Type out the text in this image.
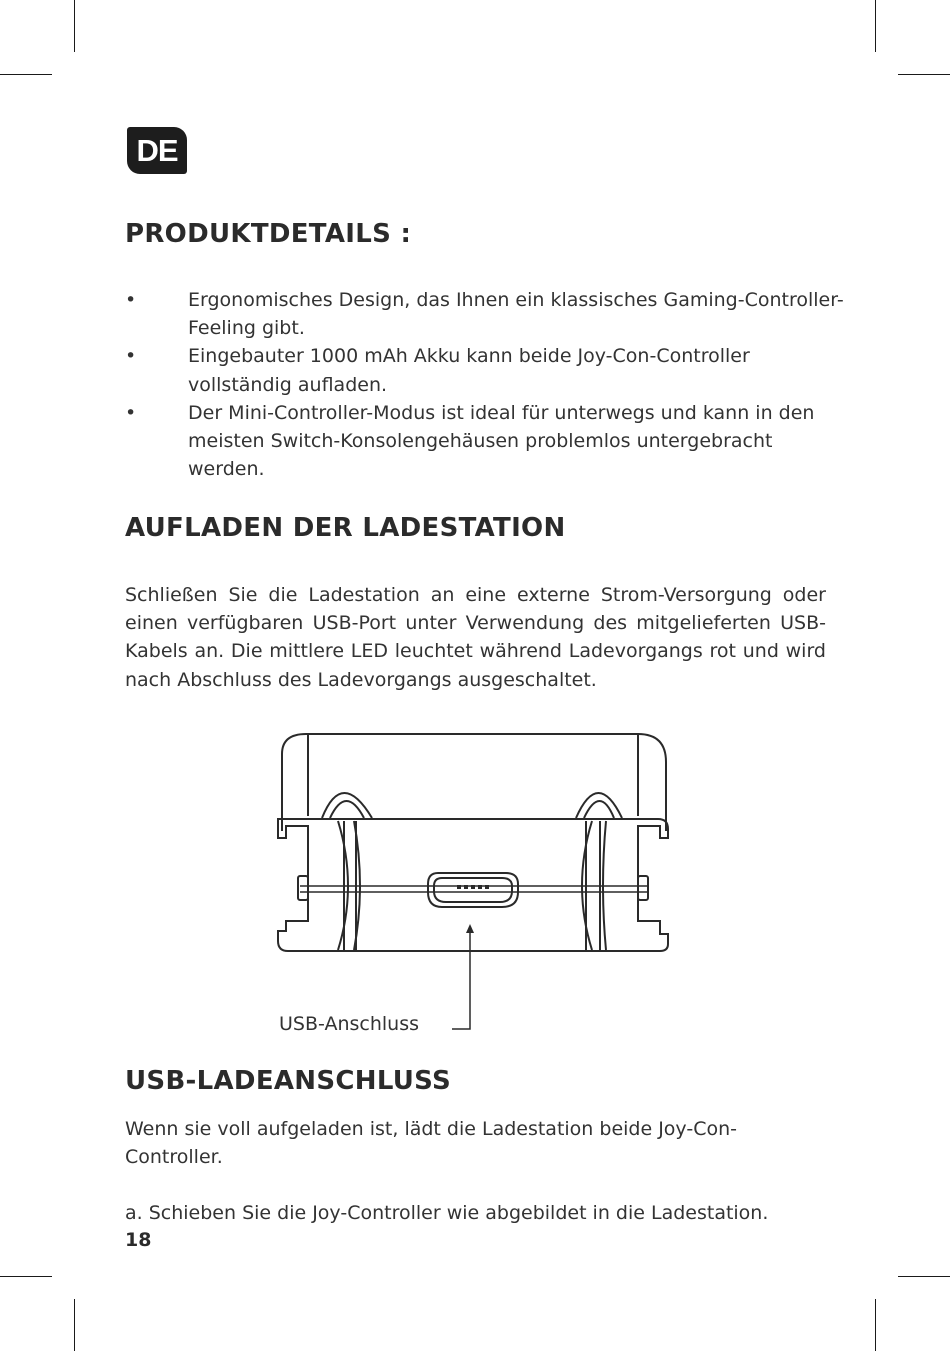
DE
PRODUKTDETAILS :
•	Ergonomisches Design, das Ihnen ein klassisches Gaming-Controller-Feeling gibt.
•	Eingebauter 1000 mAh Akku kann beide Joy-Con-Controller vollständig aufladen.
•	Der Mini-Controller-Modus ist ideal für unterwegs und kann in den meisten Switch-Konsolengehäusen problemlos untergebracht werden.
AUFLADEN DER LADESTATION

Schließen Sie die Ladestation an eine externe Strom-Versorgung oder einen verfügbaren USB-Port unter Verwendung des mitgelieferten USB-Kabels an. Die mittlere LED leuchtet während Ladevorgangs rot und wird nach Abschluss des Ladevorgangs ausgeschaltet.

USB-Anschluss
USB-LADEANSCHLUSS

Wenn sie voll aufgeladen ist, lädt die Ladestation beide Joy-Con-

Controller.

a. Schieben Sie die Joy-Controller wie abgebildet in die Ladestation.

18
